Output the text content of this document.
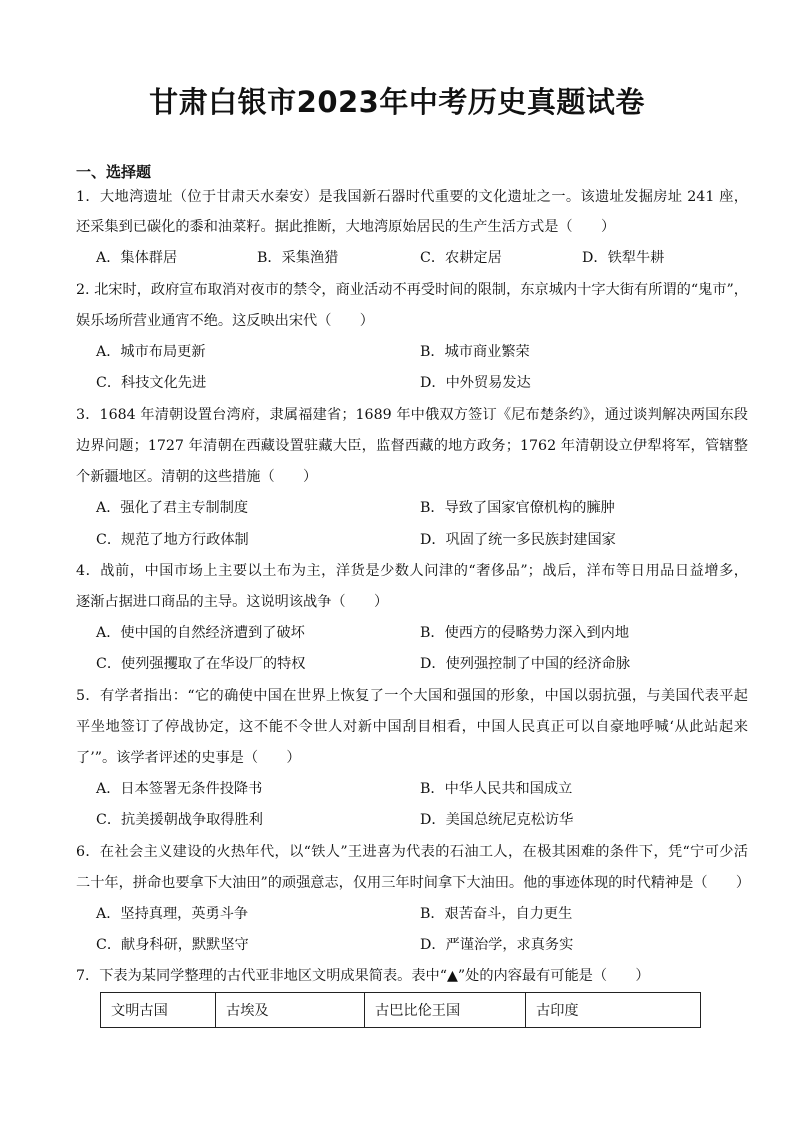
甘肃白银市2023年中考历史真题试卷
一、选择题
1．大地湾遗址（位于甘肃天水秦安）是我国新石器时代重要的文化遗址之一。该遗址发掘房址 241 座，
还采集到已碳化的黍和油菜籽。据此推断，大地湾原始居民的生产生活方式是（　　）
A．集体群居	B．采集渔猎	C．农耕定居	D．铁犁牛耕
2. 北宋时，政府宣布取消对夜市的禁令，商业活动不再受时间的限制，东京城内十字大街有所谓的“鬼市”，
娱乐场所营业通宵不绝。这反映出宋代（　　）
A．城市布局更新	B．城市商业繁荣
C．科技文化先进	D．中外贸易发达
3．1684 年清朝设置台湾府，隶属福建省；1689 年中俄双方签订《尼布楚条约》，通过谈判解决两国东段
边界问题；1727 年清朝在西藏设置驻藏大臣，监督西藏的地方政务；1762 年清朝设立伊犁将军，管辖整
个新疆地区。清朝的这些措施（　　）
A．强化了君主专制制度	B．导致了国家官僚机构的臃肿
C．规范了地方行政体制	D．巩固了统一多民族封建国家
4．战前，中国市场上主要以土布为主，洋货是少数人问津的“奢侈品”；战后，洋布等日用品日益增多，
逐渐占据进口商品的主导。这说明该战争（　　）
A．使中国的自然经济遭到了破坏	B．使西方的侵略势力深入到内地
C．使列强攫取了在华设厂的特权	D．使列强控制了中国的经济命脉
5．有学者指出：“它的确使中国在世界上恢复了一个大国和强国的形象，中国以弱抗强，与美国代表平起
平坐地签订了停战协定，这不能不令世人对新中国刮目相看，中国人民真正可以自豪地呼喊‘从此站起来
了’”。该学者评述的史事是（　　）
A．日本签署无条件投降书	B．中华人民共和国成立
C．抗美援朝战争取得胜利	D．美国总统尼克松访华
6．在社会主义建设的火热年代，以“铁人”王进喜为代表的石油工人，在极其困难的条件下，凭“宁可少活
二十年，拼命也要拿下大油田”的顽强意志，仅用三年时间拿下大油田。他的事迹体现的时代精神是（　　）
A．坚持真理，英勇斗争	B．艰苦奋斗，自力更生
C．献身科研，默默坚守	D．严谨治学，求真务实
7．下表为某同学整理的古代亚非地区文明成果简表。表中“▲”处的内容最有可能是（　　）
文明古国	古埃及	古巴比伦王国	古印度
